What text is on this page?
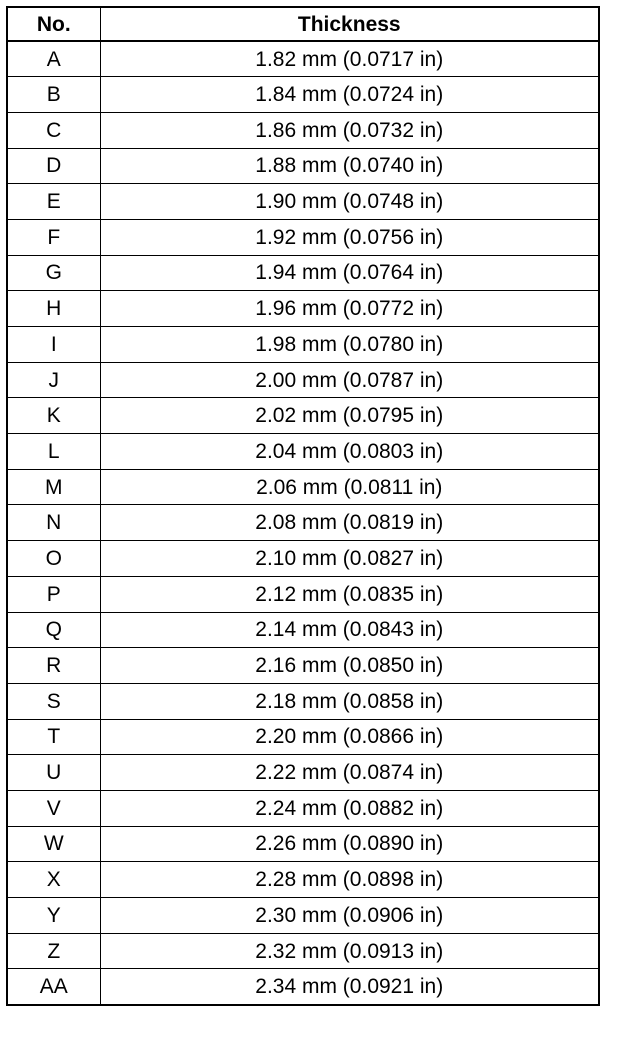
No.	Thickness
A	1.82 mm (0.0717 in)
B	1.84 mm (0.0724 in)
C	1.86 mm (0.0732 in)
D	1.88 mm (0.0740 in)
E	1.90 mm (0.0748 in)
F	1.92 mm (0.0756 in)
G	1.94 mm (0.0764 in)
H	1.96 mm (0.0772 in)
I	1.98 mm (0.0780 in)
J	2.00 mm (0.0787 in)
K	2.02 mm (0.0795 in)
L	2.04 mm (0.0803 in)
M	2.06 mm (0.0811 in)
N	2.08 mm (0.0819 in)
O	2.10 mm (0.0827 in)
P	2.12 mm (0.0835 in)
Q	2.14 mm (0.0843 in)
R	2.16 mm (0.0850 in)
S	2.18 mm (0.0858 in)
T	2.20 mm (0.0866 in)
U	2.22 mm (0.0874 in)
V	2.24 mm (0.0882 in)
W	2.26 mm (0.0890 in)
X	2.28 mm (0.0898 in)
Y	2.30 mm (0.0906 in)
Z	2.32 mm (0.0913 in)
AA	2.34 mm (0.0921 in)
